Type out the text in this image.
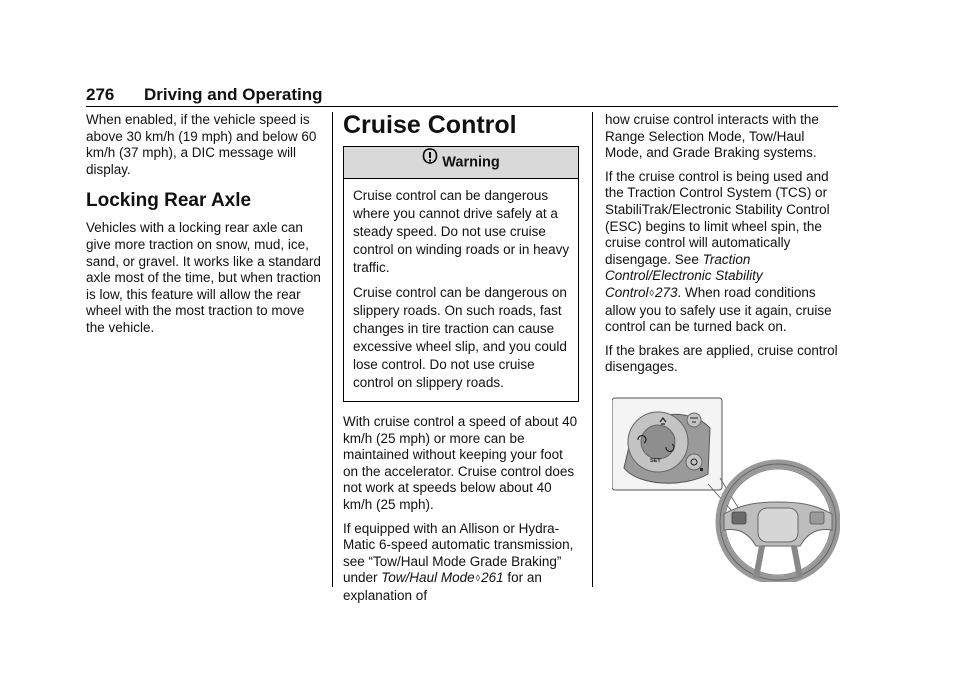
276 Driving and Operating

When enabled, if the vehicle speed is above 30 km/h (19 mph) and below 60 km/h (37 mph), a DIC message will display.

Locking Rear Axle

Vehicles with a locking rear axle can give more traction on snow, mud, ice, sand, or gravel. It works like a standard axle most of the time, but when traction is low, this feature will allow the rear wheel with the most traction to move the vehicle.

Cruise Control
Warning

Cruise control can be dangerous where you cannot drive safely at a steady speed. Do not use cruise control on winding roads or in heavy traffic.

Cruise control can be dangerous on slippery roads. On such roads, fast changes in tire traction can cause excessive wheel slip, and you could lose control. Do not use cruise control on slippery roads.

With cruise control a speed of about 40 km/h (25 mph) or more can be maintained without keeping your foot on the accelerator. Cruise control does not work at speeds below about 40 km/h (25 mph).

If equipped with an Allison or Hydra-Matic 6-speed automatic transmission, see “Tow/Haul Mode Grade Braking” under Tow/Haul Mode◊261 for an explanation of

how cruise control interacts with the Range Selection Mode, Tow/Haul Mode, and Grade Braking systems.

If the cruise control is being used and the Traction Control System (TCS) or StabiliTrak/Electronic Stability Control (ESC) begins to limit wheel spin, the cruise control will automatically disengage. See Traction Control/Electronic Stability Control◊273. When road conditions allow you to safely use it again, cruise control can be turned back on.

If the brakes are applied, cruise control disengages.

SET
